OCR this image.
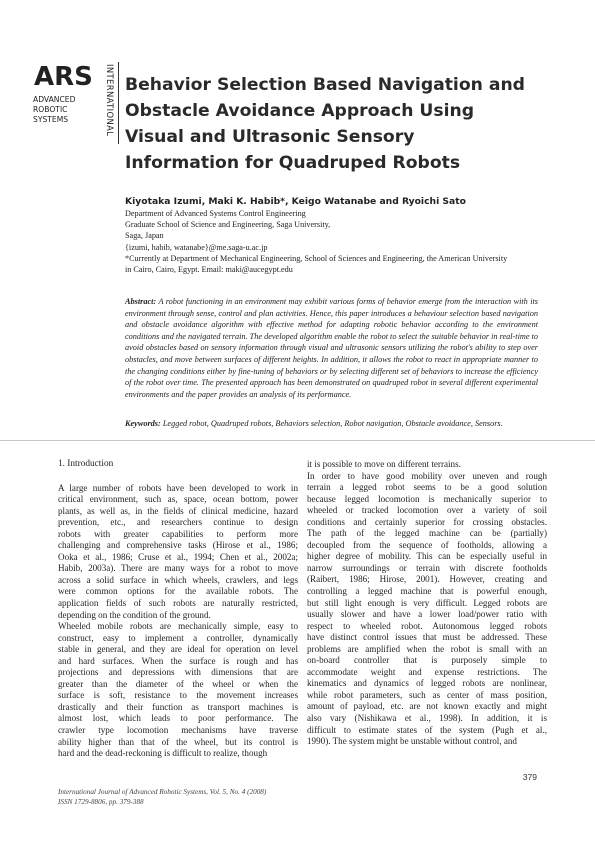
ARS
ADVANCED
ROBOTIC
SYSTEMS	INTERNATIONAL Behavior Selection Based Navigation and
Obstacle Avoidance Approach Using
Visual and Ultrasonic Sensory
Information for Quadruped Robots
Kiyotaka Izumi, Maki K. Habib*, Keigo Watanabe and Ryoichi Sato
Department of Advanced Systems Control Engineering
Graduate School of Science and Engineering, Saga University,
Saga, Japan
{izumi, habib, watanabe}@me.saga-u.ac.jp
*Currently at Department of Mechanical Engineering, School of Sciences and Engineering, the American University
in Cairo, Cairo, Egypt. Email: maki@aucegypt.edu
Abstract: A robot functioning in an environment may exhibit various forms of behavior emerge from the interaction with its environment through sense, control and plan activities. Hence, this paper introduces a behaviour selection based navigation and obstacle avoidance algorithm with effective method for adapting robotic behavior according to the environment conditions and the navigated terrain. The developed algorithm enable the robot to select the suitable behavior in real-time to avoid obstacles based on sensory information through visual and ultrasonic sensors utilizing the robot's ability to step over obstacles, and move between surfaces of different heights. In addition, it allows the robot to react in appropriate manner to the changing conditions either by fine-tuning of behaviors or by selecting different set of behaviors to increase the efficiency of the robot over time. The presented approach has been demonstrated on quadruped robot in several different experimental environments and the paper provides an analysis of its performance.
Keywords: Legged robot, Quadruped robots, Behaviors selection, Robot navigation, Obstacle avoidance, Sensors.

1. Introduction

A large number of robots have been developed to work in
critical environment, such as, space, ocean bottom, power
plants, as well as, in the fields of clinical medicine, hazard
prevention, etc., and researchers continue to design
robots with greater capabilities to perform more
challenging and comprehensive tasks (Hirose et al., 1986;
Ooka et al., 1986; Cruse et al., 1994; Chen et al., 2002a;
Habib, 2003a). There are many ways for a robot to move
across a solid surface in which wheels, crawlers, and legs
were common options for the available robots. The
application fields of such robots are naturally restricted,
depending on the condition of the ground.
Wheeled mobile robots are mechanically simple, easy to
construct, easy to implement a controller, dynamically
stable in general, and they are ideal for operation on level
and hard surfaces. When the surface is rough and has
projections and depressions with dimensions that are
greater than the diameter of the wheel or when the
surface is soft, resistance to the movement increases
drastically and their function as transport machines is
almost lost, which leads to poor performance. The
crawler type locomotion mechanisms have traverse
ability higher than that of the wheel, but its control is
hard and the dead-reckoning is difficult to realize, though
it is possible to move on different terrains.
In order to have good mobility over uneven and rough
terrain a legged robot seems to be a good solution
because legged locomotion is mechanically superior to
wheeled or tracked locomotion over a variety of soil
conditions and certainly superior for crossing obstacles.
The path of the legged machine can be (partially)
decoupled from the sequence of footholds, allowing a
higher degree of mobility. This can be especially useful in
narrow surroundings or terrain with discrete footholds
(Raibert, 1986; Hirose, 2001). However, creating and
controlling a legged machine that is powerful enough,
but still light enough is very difficult. Legged robots are
usually slower and have a lower load/power ratio with
respect to wheeled robot. Autonomous legged robots
have distinct control issues that must be addressed. These
problems are amplified when the robot is small with an
on-board controller that is purposely simple to
accommodate weight and expense restrictions. The
kinematics and dynamics of legged robots are nonlinear,
while robot parameters, such as center of mass position,
amount of payload, etc. are not known exactly and might
also vary (Nishikawa et al., 1998). In addition, it is
difficult to estimate states of the system (Pugh et al.,
1990). The system might be unstable without control, and
379
International Journal of Advanced Robotic Systems, Vol. 5, No. 4 (2008)
ISSN 1729-8806, pp. 379-388
